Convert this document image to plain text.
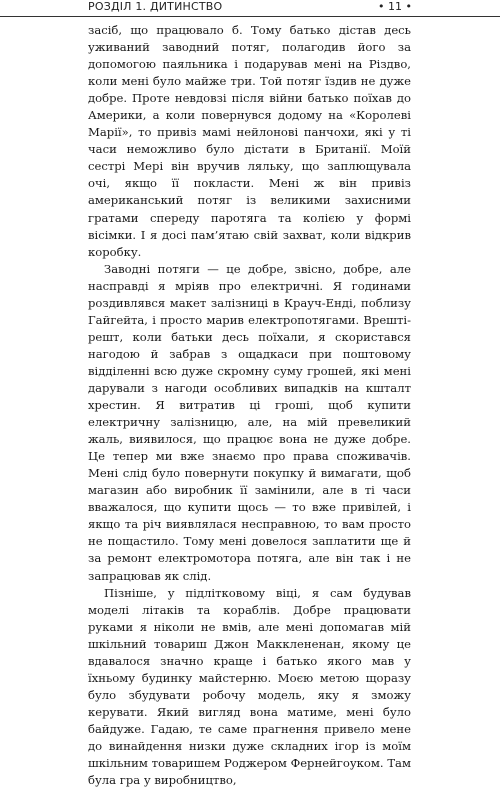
РОЗДІЛ 1. ДИТИНСТВО	• 11 •

засіб, що працювало б. Тому батько дістав десь уживаний заводний потяг, полагодив його за допомогою паяльника і подарував мені на Різдво, коли мені було майже три. Той потяг їздив не дуже добре. Проте невдовзі після війни батько поїхав до Америки, а коли повернувся додому на «Королеві Марії», то привіз мамі нейлонові панчохи, які у ті часи неможливо було дістати в Британії. Моїй сестрі Мері він вручив ляльку, що заплющувала очі, якщо її покласти. Мені ж він привіз американський потяг із великими захисними гратами спереду паротяга та колією у формі вісімки. І я досі пам’ятаю свій захват, коли відкрив коробку.

Заводні потяги — це добре, звісно, добре, але насправді я мріяв про електричні. Я годинами роздивлявся макет залізниці в Крауч-Енді, поблизу Гайгейта, і просто марив електропотягами. Врешті-решт, коли батьки десь поїхали, я скористався нагодою й забрав з ощадкаси при поштовому відділенні всю дуже скромну суму грошей, які мені дарували з нагоди особливих випадків на кшталт хрестин. Я витратив ці гроші, щоб купити електричну залізницю, але, на мій превеликий жаль, виявилося, що працює вона не дуже добре. Це тепер ми вже знаємо про права споживачів. Мені слід було повернути покупку й вимагати, щоб магазин або виробник її замінили, але в ті часи вважалося, що купити щось — то вже привілей, і якщо та річ виявлялася несправною, то вам просто не пощастило. Тому мені довелося заплатити ще й за ремонт електромотора потяга, але він так і не запрацював як слід.

Пізніше, у підлітковому віці, я сам будував моделі літаків та кораблів. Добре працювати руками я ніколи не вмів, але мені допомагав мій шкільний товариш Джон Макклененан, якому це вдавалося значно краще і батько якого мав у їхньому будинку майстерню. Моєю метою щоразу було збудувати робочу модель, яку я зможу керувати. Який вигляд вона матиме, мені було байдуже. Гадаю, те саме прагнення привело мене до винайдення низки дуже складних ігор із моїм шкільним товаришем Роджером Фернейгоуком. Там була гра у виробництво,
